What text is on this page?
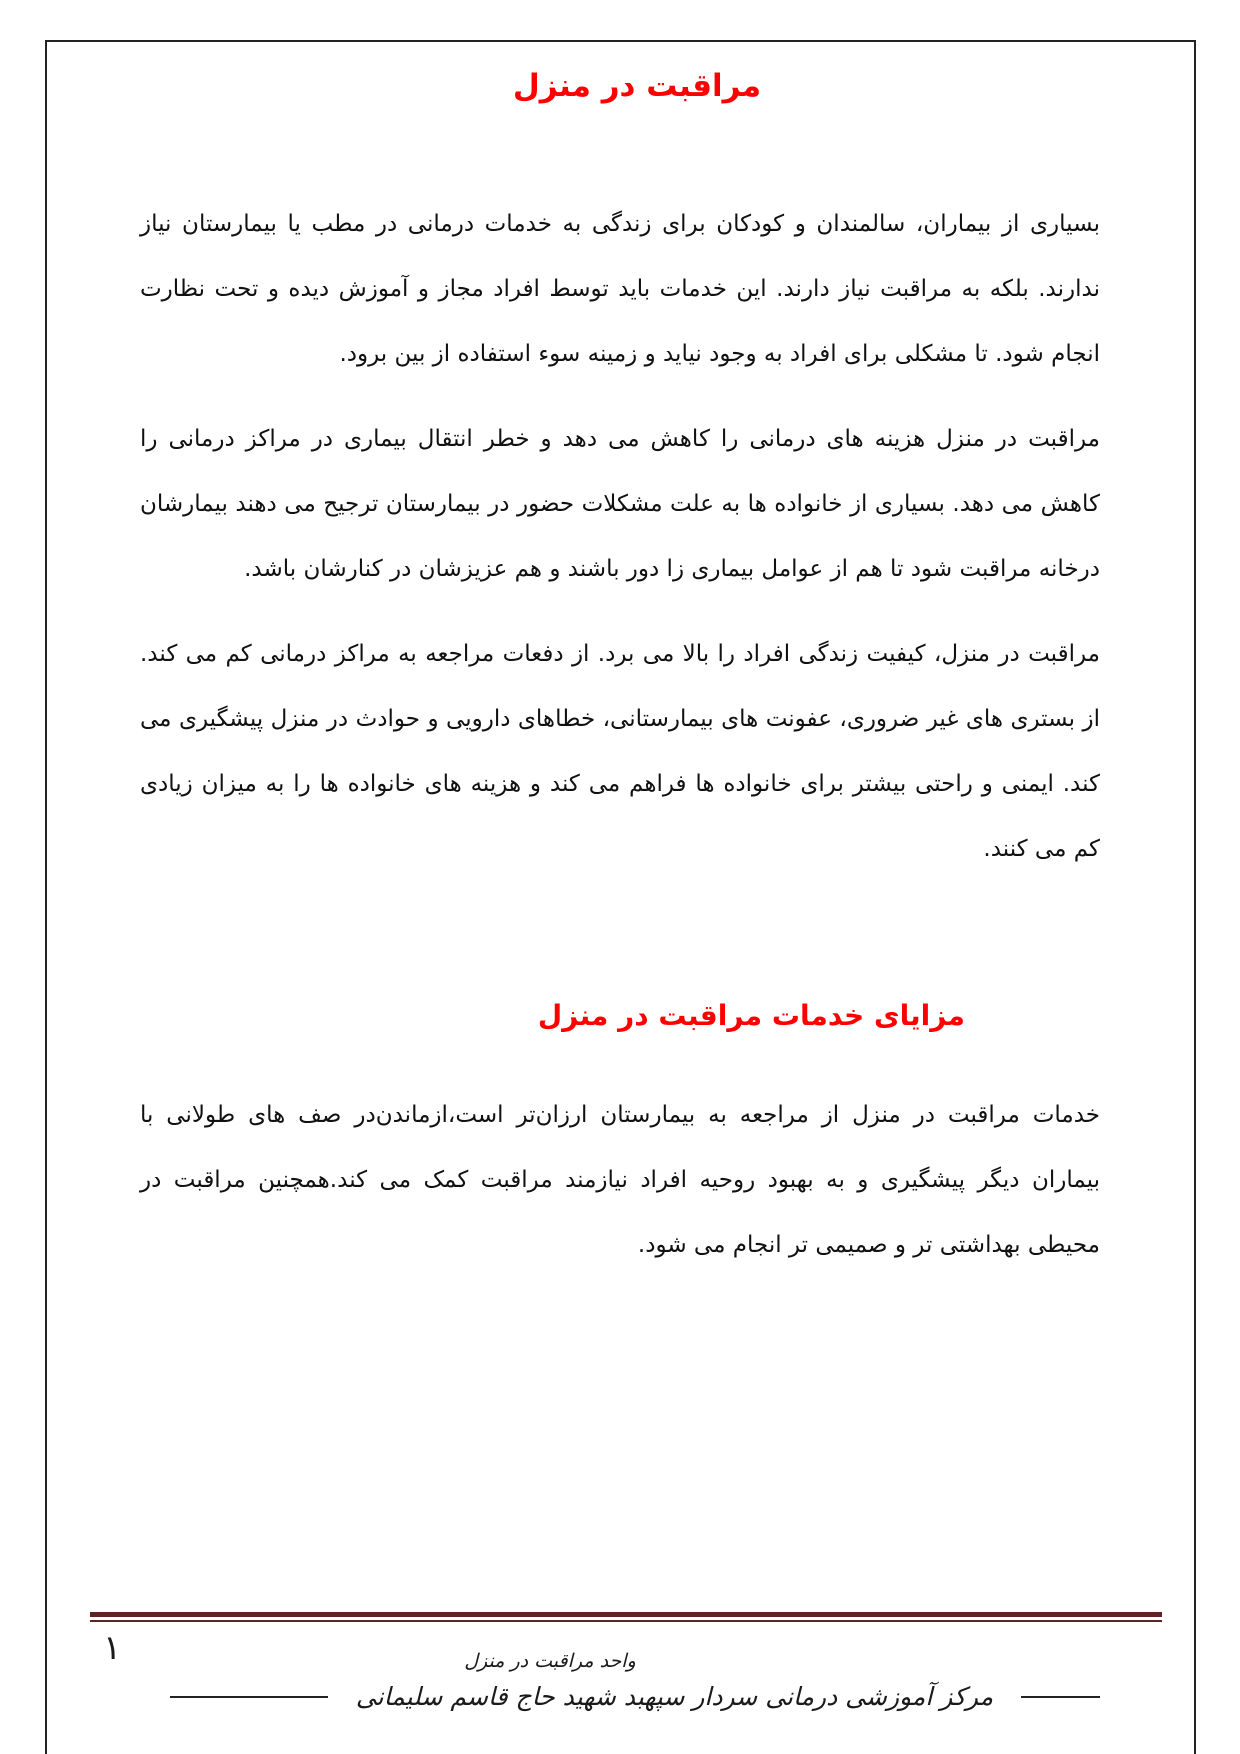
مراقبت در منزل

بسیاری از بیماران، سالمندان و کودکان برای زندگی به خدمات درمانی در مطب یا بیمارستان نیاز ندارند. بلکه به مراقبت نیاز دارند. این خدمات باید توسط افراد مجاز و آموزش دیده و تحت نظارت انجام شود. تا مشکلی برای افراد به وجود نیاید و زمینه سوء استفاده از بین برود.

مراقبت در منزل هزینه های درمانی را کاهش می دهد و خطر انتقال بیماری در مراکز درمانی را کاهش می دهد. بسیاری از خانواده ها به علت مشکلات حضور در بیمارستان ترجیح می دهند بیمارشان درخانه مراقبت شود تا هم از عوامل بیماری زا دور باشند و هم عزیزشان در کنارشان باشد.

مراقبت در منزل، کیفیت زندگی افراد را بالا می برد. از دفعات مراجعه به مراکز درمانی کم می کند. از بستری های غیر ضروری، عفونت های بیمارستانی، خطاهای دارویی و حوادث در منزل پیشگیری می کند. ایمنی و راحتی بیشتر برای خانواده ها فراهم می کند و هزینه های خانواده ها را به میزان زیادی کم می کنند.

مزایای خدمات مراقبت در منزل

خدمات مراقبت در منزل از مراجعه به بیمارستان ارزان‌تر است،ازماندن‌در صف های طولانی با بیماران دیگر پیشگیری و به بهبود روحیه افراد نیازمند مراقبت کمک می کند.همچنین مراقبت در محیطی بهداشتی تر و صمیمی تر انجام می شود.

۱	واحد مراقبت در منزل
مرکز آموزشی درمانی سردار سپهبد شهید حاج قاسم سلیمانی
